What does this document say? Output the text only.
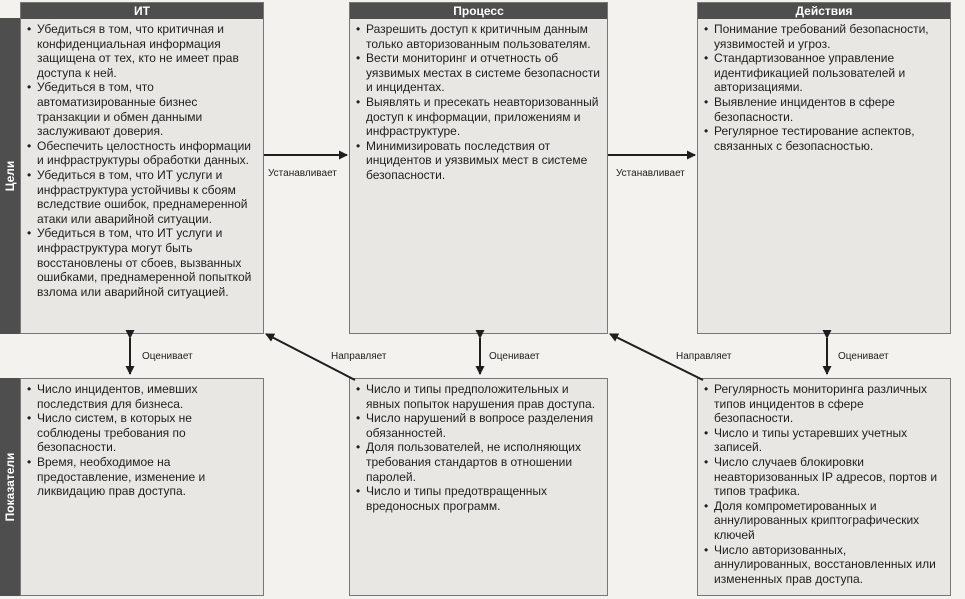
Цели
Показатели
ИТ
• Убедиться в том, что критичная и конфиденциальная информация защищена от тех, кто не имеет прав доступа к ней.
• Убедиться в том, что автоматизированные бизнес транзакции и обмен данными заслуживают доверия.
• Обеспечить целостность информации и инфраструктуры обработки данных.
• Убедиться в том, что ИТ услуги и инфраструктура устойчивы к сбоям вследствие ошибок, преднамеренной атаки или аварийной ситуации.
• Убедиться в том, что ИТ услуги и инфраструктура могут быть восстановлены от сбоев, вызванных ошибками, преднамеренной попыткой взлома или аварийной ситуацией.
Процесс
• Разрешить доступ к критичным данным только авторизованным пользователям.
• Вести мониторинг и отчетность об уязвимых местах в системе безопасности и инцидентах.
• Выявлять и пресекать неавторизованный доступ к информации, приложениям и инфраструктуре.
• Минимизировать последствия от инцидентов и уязвимых мест в системе безопасности.
Действия
• Понимание требований безопасности, уязвимостей и угроз.
• Стандартизованное управление идентификацией пользователей и авторизациями.
• Выявление инцидентов в сфере безопасности.
• Регулярное тестирование аспектов, связанных с безопасностью.
• Число инцидентов, имевших последствия для бизнеса.
• Число систем, в которых не соблюдены требования по безопасности.
• Время, необходимое на предоставление, изменение и ликвидацию прав доступа.
• Число и типы предположительных и явных попыток нарушения прав доступа.
• Число нарушений в вопросе разделения обязанностей.
• Доля пользователей, не исполняющих требования стандартов в отношении паролей.
• Число и типы предотвращенных вредоносных программ.
• Регулярность мониторинга различных типов инцидентов в сфере безопасности.
• Число и типы устаревших учетных записей.
• Число случаев блокировки неавторизованных IP адресов, портов и типов трафика.
• Доля компрометированных и аннулированных криптографических ключей
• Число авторизованных, аннулированных, восстановленных или измененных прав доступа.
Устанавливает	Устанавливает
Оценивает	Оценивает	Оценивает
Направляет	Направляет
